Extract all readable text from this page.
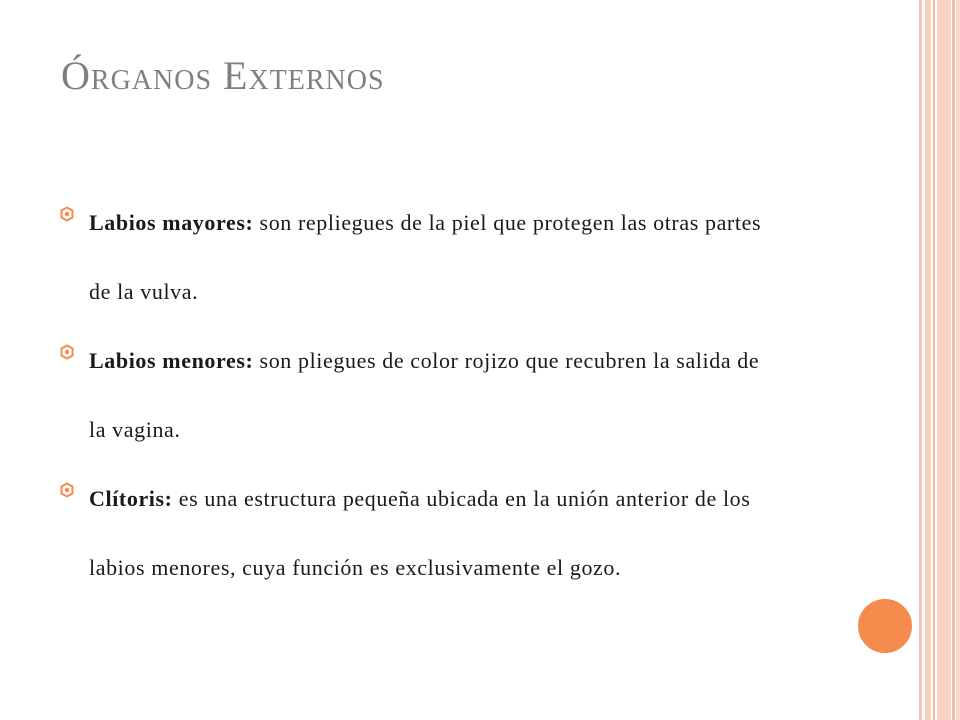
Órganos Externos
Labios mayores: son repliegues de la piel que protegen las otras partes de la vulva.
Labios menores: son pliegues de color rojizo que recubren la salida de la vagina.
Clítoris: es una estructura pequeña ubicada en la unión anterior de los labios menores, cuya función es exclusivamente el gozo.
